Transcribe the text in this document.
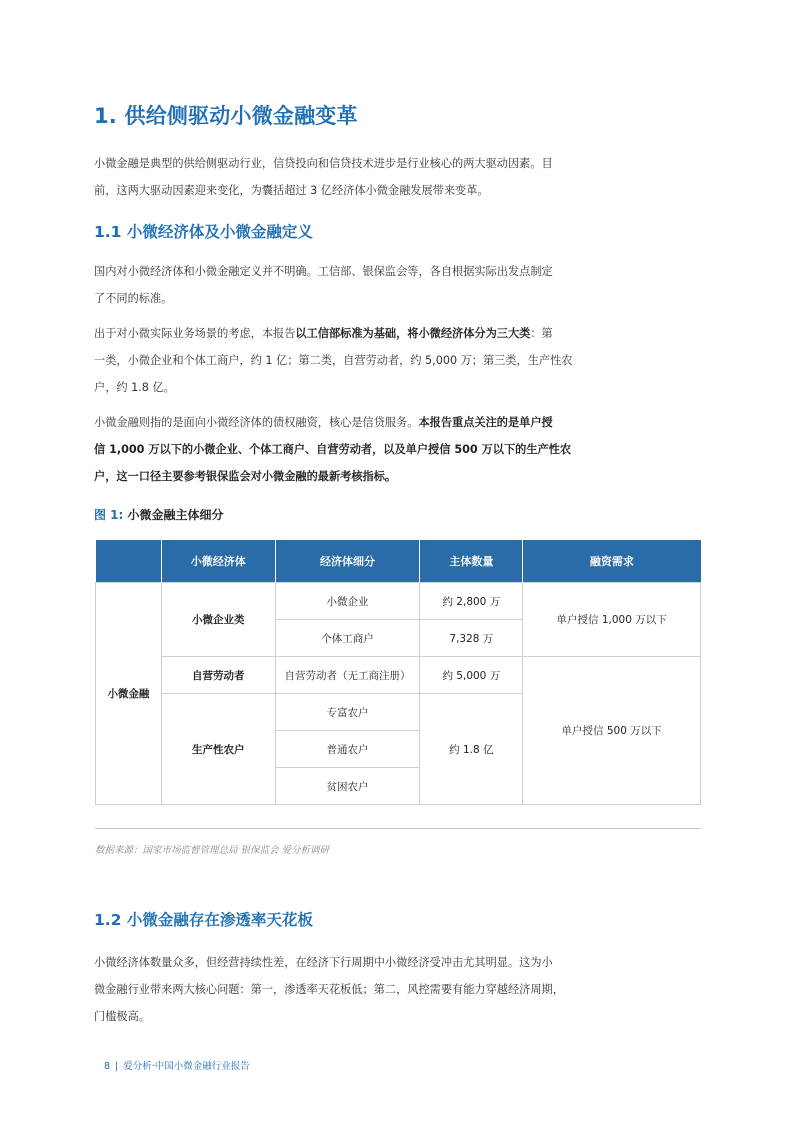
1. 供给侧驱动小微金融变革
小微金融是典型的供给侧驱动行业，信贷投向和信贷技术进步是行业核心的两大驱动因素。目
前，这两大驱动因素迎来变化，为囊括超过 3 亿经济体小微金融发展带来变革。
1.1 小微经济体及小微金融定义
国内对小微经济体和小微金融定义并不明确。工信部、银保监会等，各自根据实际出发点制定
了不同的标准。
出于对小微实际业务场景的考虑，本报告以工信部标准为基础，将小微经济体分为三大类：第
一类，小微企业和个体工商户，约 1 亿；第二类，自营劳动者，约 5,000 万；第三类，生产性农
户，约 1.8 亿。
小微金融则指的是面向小微经济体的债权融资，核心是信贷服务。本报告重点关注的是单户授
信 1,000 万以下的小微企业、个体工商户、自营劳动者，以及单户授信 500 万以下的生产性农
户，这一口径主要参考银保监会对小微金融的最新考核指标。
图 1: 小微金融主体细分
	小微经济体	经济体细分	主体数量	融资需求
小微金融	小微企业类	小微企业	约 2,800 万	单户授信 1,000 万以下
		个体工商户	7,328 万	
	自营劳动者	自营劳动者（无工商注册）	约 5,000 万	单户授信 500 万以下
	生产性农户	专富农户	约 1.8 亿	
		普通农户		
		贫困农户		
数据来源：国家市场监督管理总局 银保监会 爱分析调研
1.2 小微金融存在渗透率天花板
小微经济体数量众多，但经营持续性差，在经济下行周期中小微经济受冲击尤其明显。这为小
微金融行业带来两大核心问题：第一，渗透率天花板低；第二，风控需要有能力穿越经济周期，
门槛极高。
8 | 爱分析·中国小微金融行业报告
